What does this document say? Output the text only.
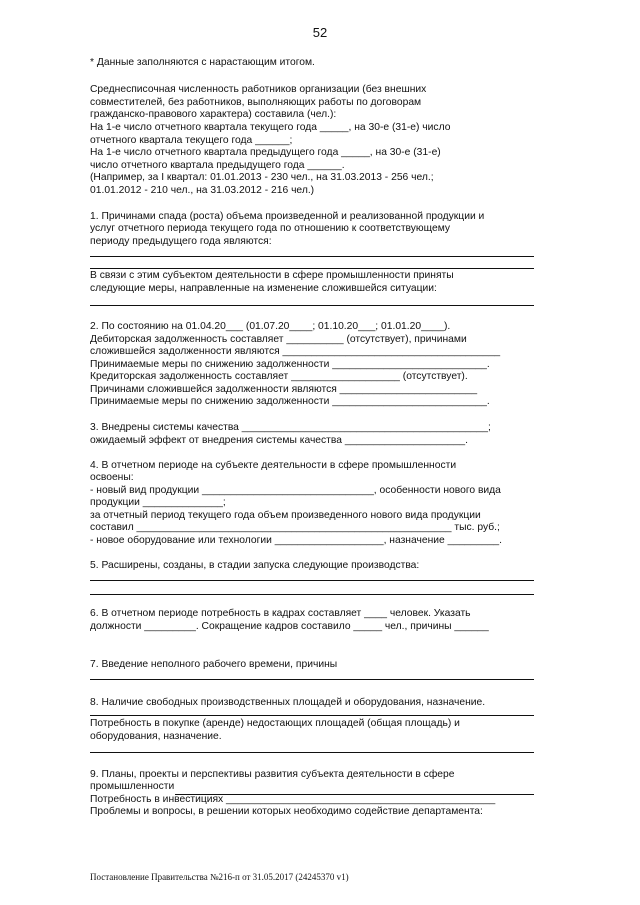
52
* Данные заполняются с нарастающим итогом.
Среднесписочная численность работников организации (без внешних
совместителей, без работников, выполняющих работы по договорам
гражданско-правового характера) составила (чел.):
На 1-е число отчетного квартала текущего года _____, на 30-е (31-е) число
отчетного квартала текущего года ______;
На 1-е число отчетного квартала предыдущего года _____, на 30-е (31-е)
число отчетного квартала предыдущего года ______.
(Например, за I квартал: 01.01.2013 - 230 чел., на 31.03.2013 - 256 чел.;
01.01.2012 - 210 чел., на 31.03.2012 - 216 чел.)
1. Причинами спада (роста) объема произведенной и реализованной продукции и
услуг отчетного периода текущего года по отношению к соответствующему
периоду предыдущего года являются:
В связи с этим субъектом деятельности в сфере промышленности приняты
следующие меры, направленные на изменение сложившейся ситуации:
2. По состоянию на 01.04.20___ (01.07.20____; 01.10.20___; 01.01.20____).
Дебиторская задолженность составляет __________ (отсутствует), причинами
сложившейся задолженности являются ______________________________________
Принимаемые меры по снижению задолженности ___________________________.
Кредиторская задолженность составляет ___________________ (отсутствует).
Причинами сложившейся задолженности являются ________________________
Принимаемые меры по снижению задолженности ___________________________.
3. Внедрены системы качества ___________________________________________;
ожидаемый эффект от внедрения системы качества _____________________.
4. В отчетном периоде на субъекте деятельности в сфере промышленности
освоены:
- новый вид продукции ______________________________, особенности нового вида
продукции ______________;
за отчетный период текущего года объем произведенного нового вида продукции
составил _______________________________________________________ тыс. руб.;
- новое оборудование или технологии ___________________, назначение _________.
5. Расширены, созданы, в стадии запуска следующие производства:
6. В отчетном периоде потребность в кадрах составляет ____ человек. Указать
должности _________. Сокращение кадров составило _____ чел., причины ______
7. Введение неполного рабочего времени, причины
8. Наличие свободных производственных площадей и оборудования, назначение.
Потребность в покупке (аренде) недостающих площадей (общая площадь) и
оборудования, назначение.
9. Планы, проекты и перспективы развития субъекта деятельности в сфере
промышленности
Потребность в инвестициях _______________________________________________
Проблемы и вопросы, в решении которых необходимо содействие департамента:
Постановление Правительства №216-п от 31.05.2017 (24245370 v1)
